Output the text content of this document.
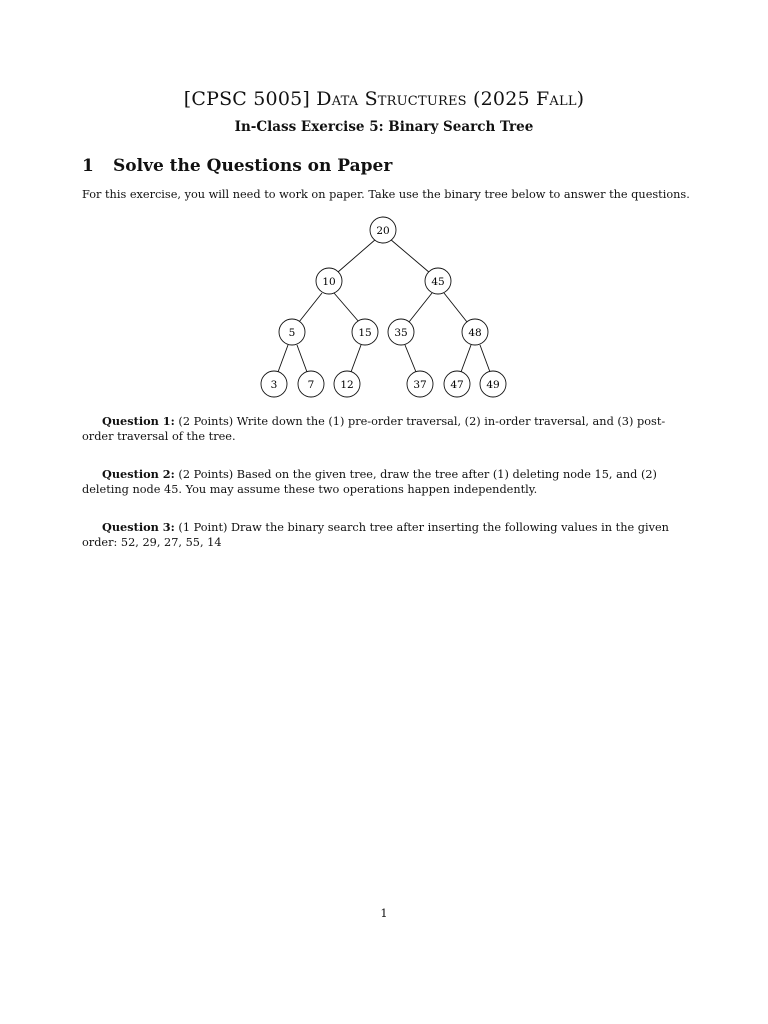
[CPSC 5005] Data Structures (2025 Fall)
In-Class Exercise 5: Binary Search Tree
1 Solve the Questions on Paper
For this exercise, you will need to work on paper. Take use the binary tree below to answer the questions.
20
10	45
5	15 35	48
3	7 12	37 47 49
Question 1: (2 Points) Write down the (1) pre-order traversal, (2) in-order traversal, and (3) post-order traversal of the tree.
Question 2: (2 Points) Based on the given tree, draw the tree after (1) deleting node 15, and (2) deleting node 45. You may assume these two operations happen independently.
Question 3: (1 Point) Draw the binary search tree after inserting the following values in the given order: 52, 29, 27, 55, 14
1
